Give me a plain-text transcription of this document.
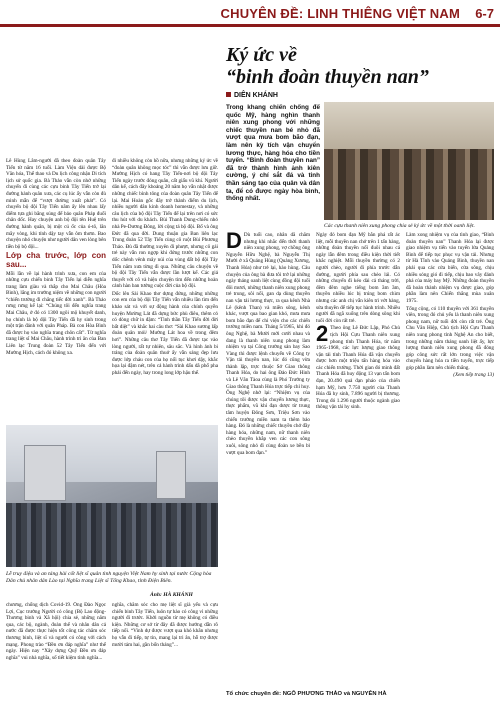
CHUYÊN ĐỀ: LINH THIÊNG VIỆT NAM 6-7

Lê Hùng Lâm-người đã theo đoàn quân Tây Tiến từ năm 16 tuổi. Làm Viện dài được Bộ Văn hóa, Thể thao và Du lịch công nhận Di tích lịch sử quốc gia. Bà Thảo vẫn còn nhớ những chuyến đi cùng các cựu binh Tây Tiến trở lại đường hành quân xưa, các cụ lúc ấy vẫn còn đủ minh mẫn để “vượt đường xuất phát”. Có chuyến bộ đội Tây Tiến năm ấy lên nhau lấy điểm tựa ghi bằng súng để bảo quân Pháp đuổi chân dốc. Hay chuyện anh bộ đội tên Huệ trên đường hành quân, bị một cú ốc của ó-tô, lăn mãy vòng, khi tỉnh dậy tay vẫn ôm thơm. Bao chuyện nhỏ chuyện như người dân ven lòng bên tiền bộ bộ đội...

Lớp cha trước, lớp con sau...

Mỗi lần về lại hành trình xưa, con em của những cựu chiến binh Tây Tiến lại diễn nghĩa trang làm giàu và thắp cho Mai Châu (Hòa Bình), lắng im trưởng niệm về những con người “chiến trường đi chẳng tiếc đời xanh”. Bà Thảo rưng rưng kể lại: “Chúng tôi đến nghĩa trang Mai Châu, ở đó có 1300 ngôi mộ khuyết danh, họ chính là bộ đội Tây Tiến đã hy sinh trong một trận đánh với quân Pháp. Bà con Hòa Bình đã được họ vào nghĩa trang chôn cất”. Từ nghĩa trang liệt sĩ Mai Châu, hành trình tri ân của Ban Liên lạc Trung đoàn 52 Tây Tiến đến với Mường Hịch, cách đó không xa.

đi nhiều không còn hồ nữa, nhưng những ký ức về “đoàn quân không mọc tóc” thì vẫn được lưu giữ. Mường Hịch có hang Tây Tiến-nơi bộ đội Tây Tiến ngày trước đóng quân, cất giấu vũ khí. Người dân kể, cách đây khoảng 20 năm họ vẫn nhặt được những chiếc bình tông của đoàn quân Tây Tiến để lại. Mai Hoàn gốc đây trở thành điểm du lịch, nhiều người dân kinh doanh homestay, và những câu lịch của bộ đội Tây Tiến để lại trên nơi có sức thu hút với du khách. Bùi Thanh Dung-chiếu nhỏ nhà Pe-Dương Đông, lời cộng tá bộ đội. Bố và ông Đức đã qua đời. Dung thuận gia Ban liên lạc Trung đoàn 52 Tây Tiến cùng cô ruột Bùi Phương Thảo. Đủ đã thường xuyên đi phượt, nhưng cô gái trẻ này vẫn ron ngợp khi đứng trước những con dốc chênh vênh mây núi của vùng đất bộ đội Tây Tiến năm xưa từng đi qua. Những câu chuyện về bộ đội Tây Tiến vẫn được lần lượt kể. Các giả thuyết với cô và hiện chuyện tìm đến những hoàn cảnh hàn ban tưởng cuộc đời của bộ đội.

Dốc lên Sài Khao thơ dựng đứng, những những con em của bộ đội Tây Tiến vẫn nhiều lần tìm đến khảo sát và với sự động hành của chính quyền huyện Mường Lát đã dựng bức phù điêu, thêm cỏ có dòng chữ in đậm: “Tình thần Tây Tiến đời đời bất diệt” và khắc hai câu thơ: “Sài Khao sương lấp đoàn quân mỏi/ Mường Lát hoa về trong đêm hơi”. Những câu thơ Tây Tiến đã được tạc vào lòng người, rất tự nhiên, sâu sắc. Và hình ảnh bi tráng của đoàn quân thuở ấy vẫn sáng đẹp lưu được lớp cháu con của họ nối tục khơi dậy, khắc họa lại đậm nét, trên cả hành trình dấu dã phổ pha phải đến ngày, hay trong long lớp hậu thế.

Lễ truy điệu và an táng hài cốt liệt sĩ quân tình nguyện Việt Nam hy sinh tại nước Cộng hòa Dân chủ nhân dân Lào tại Nghĩa trang Liệt sĩ Tổng Khao, tỉnh Điện Biên.
Ảnh: HÀ KHÁNH

chương, chống dịch Covid-19. Ông Đào Ngọc Lợi, Cục trưởng Người có công (Bộ Lao động-Thương binh và Xã hội) chia sẻ, những năm qua, các bộ, ngành, đoàn thể và nhân dân cả nước đã được thực hiện tốt công tác chăm sóc thương binh, liệt sĩ và người có công với cách mạng. Phong trào “Đền ơn đáp nghĩa” như thế ngày. Hiện nay “Xây dựng Quỹ Đền ơn đáp nghĩa” vui nhà nghĩa, số tiết kiệm tình nghĩa...

nghĩa, chăm sóc cho mẹ liệt sĩ già yếu và cựu chiến binh Tây Tiến, luôn tự hào có công vì những người đi trước. Khởi nguồn từ mẹ không có điều kiện. Những cơ sở từ đây đã được hướng dẫn rõ tiếp nối. “Vinh dự được vượt qua khó khăn nhưng họ vẫn đi tiếp, tự tin, mang lại tri ân, hỗ trợ được mười tám hai, gần bốn tháng”...

Ký ức về
“binh đoàn thuyền nan”
DIÊN KHÁNH
Trong khang chiến chống đế quốc Mỹ, hàng nghìn thanh niên xung phong với những chiếc thuyền nan bé nhỏ đã vượt qua mưa bom bão đạn, làm nên kỳ tích vận chuyển lương thực, hàng hóa cho tiền tuyến. “Binh đoàn thuyền nan” đã trở thành hình ảnh kiên cường, ý chí sắt đá và tinh thần sáng tạo của quân và dân ta, để có được ngày hòa bình, thống nhất.
Các cựu thanh niên xung phong chia sẻ ký ức về một thời oanh liệt.

D Dù tuổi cao, nhân dã chăm nhưng khi nhắc đến thời thanh niên xung phong, vợ chồng ông Nguyễn Hữu Nghệ, bà Nguyễn Thị Mười ở xã Quảng Hùng (Quảng Xương, Thanh Hóa) như trẻ lại, hào hùng. Câu chuyện của ông bà đưa tôi trở lại những ngày tháng oanh liệt cùng đồng đội tuổi đôi mươi, những thanh niên xung phong trẻ trung, sôi nổi, gan dạ dùng thuyền nan vận tải lương thực, ra qua kênh Nhà Lê (kênh Than) và miền sông, kênh khác, vượt qua bao gian khó, mưa mưa bom bão đạn để chi viện cho các chiến trường miền nam. Tháng 5/1965, khi đó ông Nghệ, bà Mười mới cưới nhau và đang là thanh niên xung phong làm nhiệm vụ tại Công trường sản bay Sao Vàng thì được lệnh chuyển về Công ty Vận tải thuyền nan, lúc đó cũng vừa thành lập, trực thuộc Sở Giao thông Thanh Hóa, do hai ông Đảo Đức Hinh và Lê Văn Tàoa cùng là Phó Trưởng ty Giao thông Thanh Hóa trực tiếp chỉ huy. Ông Nghệ nhớ lại: “Nhiệm vụ của chúng tôi được vận chuyển lương thực, thực phẩm, vũ khí đạn dược từ trung tâm huyện Đông Sơn, Triệu Sơn vào chiến trường miền nam ta thêm bảo hàng. Đó là những chiếc thuyền chở đầy hàng hóa, những nam, nữ thanh niên chèo thuyền khắp ven các con sông xuôi, sông nhỏ đi cùng đoàn xe bền bỉ vượt qua bom đạn.”

Ngày đó bom đạn Mỹ bắn phá rất ác liệt, mỗi thuyền nan chở trên 1 tấn hàng, những đoàn thuyền nối đuôi nhau cá ngày lẫn đêm trong điều kiện thời tiết khắc nghiệt. Mỗi thuyền thường có 2 người chèo, người đi phía trước dẫn đường, người phía sau chèo lái. Có những chuyến đi kéo dài cả tháng trời, đêm đêm nghe tiếng bom ầm ầm, thuyền nhiều lúc bị trúng bom chìm nhưng các anh chị vẫn kiên trì vớt hàng, sửa thuyền để tiếp tục hành trình. Nhiều người đã ngã xuống trên dòng sông khi tuổi đời còn rất trẻ.

2 Theo ông Lê Đức Lập, Phó Chủ tịch Hội Cựu Thanh niên xung phong tỉnh Thanh Hóa, từ năm 1965-1968, các lực lượng giao thông vận tải tỉnh Thanh Hóa đã vận chuyển được hơn một triệu tấn hàng hóa vào các chiến trường. Thời gian đó mình đất Thanh Hóa đã huy động 13 vạn tấn bom đạn, 20.490 quả đạn pháo của chiến hạm Mỹ, hơn 7.750 người của Thanh Hóa đã hy sinh, 7.896 người bị thương. Trong đó 1.296 người thuộc ngành giao thông vận tải hy sinh.

Làm xong nhiệm vụ của tình giao, “Binh đoàn thuyền nan” Thanh Hóa lại được giao nhiệm vụ tiến vào tuyến lửa Quảng Bình để tiếp tục phục vụ vận tải. Nhưng từ Hà Tĩnh vào Quảng Bình, thuyền nan phải qua các cửa biển, cửa sông, chịu nhiều sóng gió đi tiếp, chịu bao vây đánh phá của máy bay Mỹ. Những đoàn thuyền đã hoàn thành nhiệm vụ được giao, góp phần làm nên Chiến thắng mùa xuân 1975.

Tổng cộng, có 110 thuyền với 361 thuyền viên, trong đó chủ yếu là thanh niên xung phong nam, nữ tuổi đời còn rất trẻ. Ông Chu Văn Hiệp, Chủ tịch Hội Cựu Thanh niên xung phong tỉnh Nghệ An cho biết, trong những năm tháng oanh liệt ấy, lực lượng thanh niên xung phong đã đóng góp công sức rất lớn trong việc vận chuyển hàng hóa ra tiền tuyến, trực tiếp góp phần làm nên chiến thắng.

(Xem tiếp trang 13)

Tổ chức chuyên đề: NGÔ PHƯƠNG THẢO và NGUYỄN HÀ
